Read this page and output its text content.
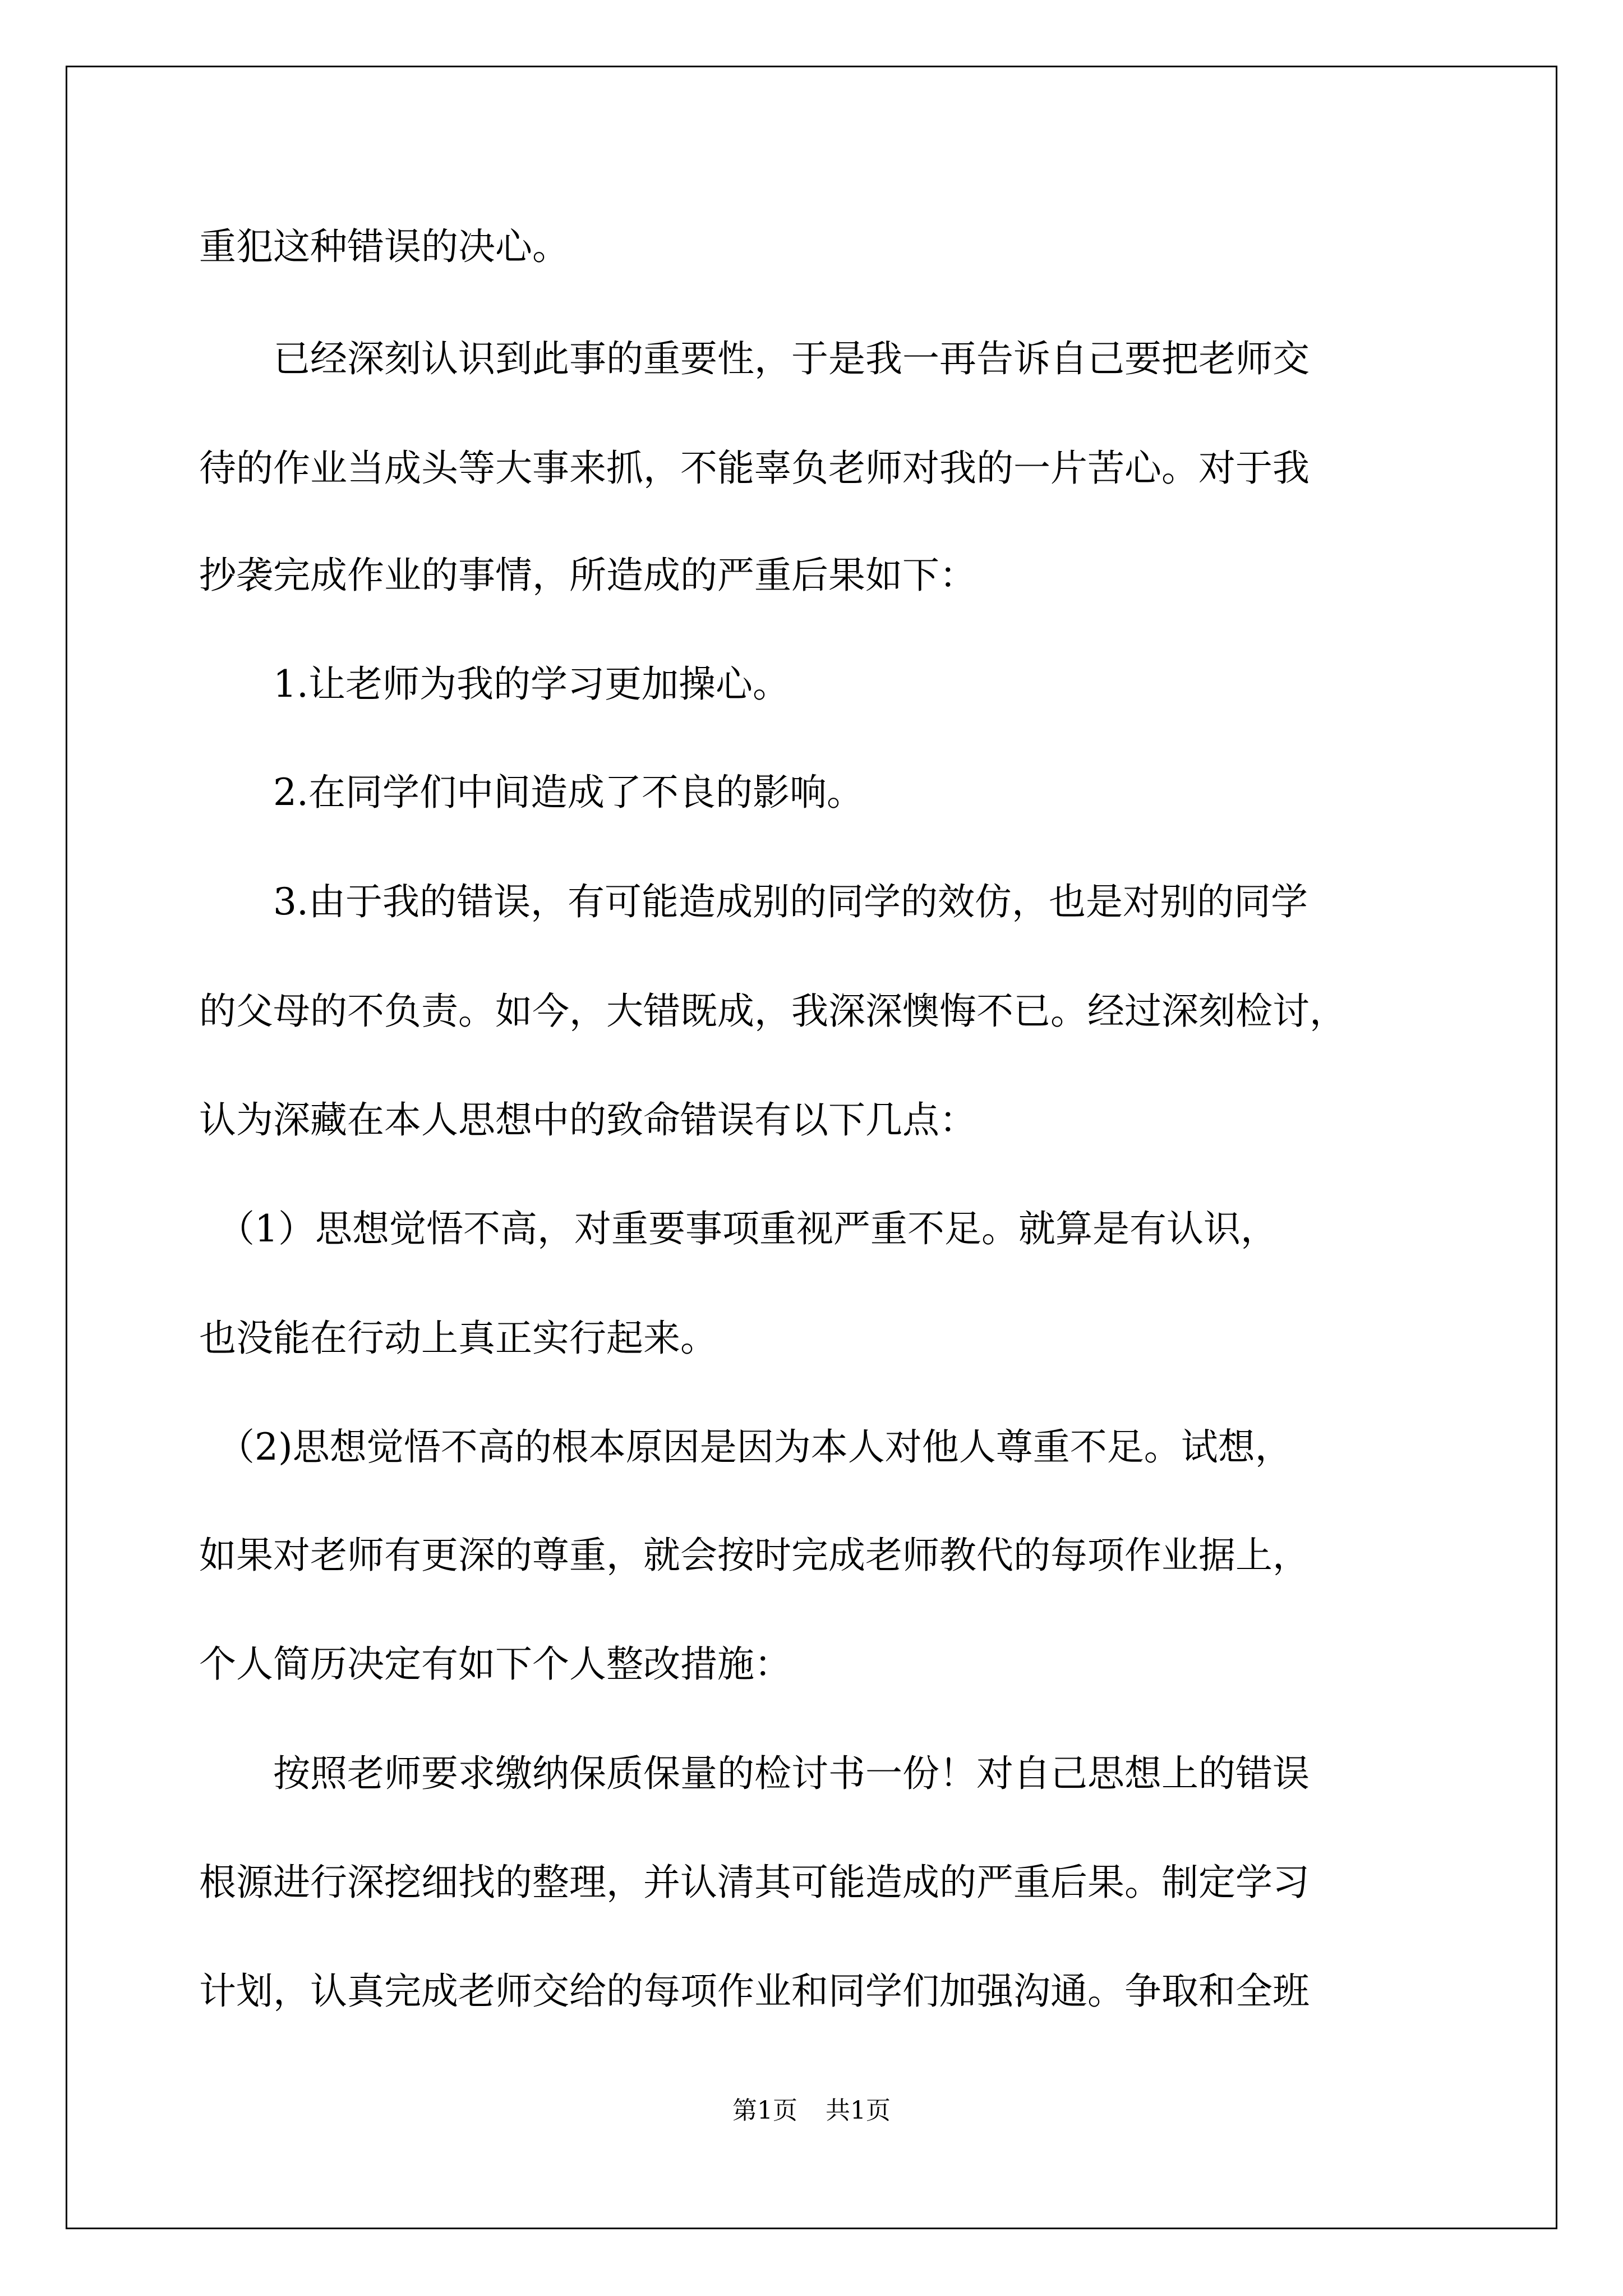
重犯这种错误的决心。
　　已经深刻认识到此事的重要性，于是我一再告诉自己要把老师交
待的作业当成头等大事来抓，不能辜负老师对我的一片苦心。对于我
抄袭完成作业的事情，所造成的严重后果如下：
　　1.让老师为我的学习更加操心。
　　2.在同学们中间造成了不良的影响。
　　3.由于我的错误，有可能造成别的同学的效仿，也是对别的同学
的父母的不负责。如今，大错既成，我深深懊悔不已。经过深刻检讨，
认为深藏在本人思想中的致命错误有以下几点：
　（1）思想觉悟不高，对重要事项重视严重不足。就算是有认识，
也没能在行动上真正实行起来。
　（2)思想觉悟不高的根本原因是因为本人对他人尊重不足。试想，
如果对老师有更深的尊重，就会按时完成老师教代的每项作业据上，
个人简历决定有如下个人整改措施：
　　按照老师要求缴纳保质保量的检讨书一份！对自己思想上的错误
根源进行深挖细找的整理，并认清其可能造成的严重后果。制定学习
计划，认真完成老师交给的每项作业和同学们加强沟通。争取和全班
第1页 共1页
